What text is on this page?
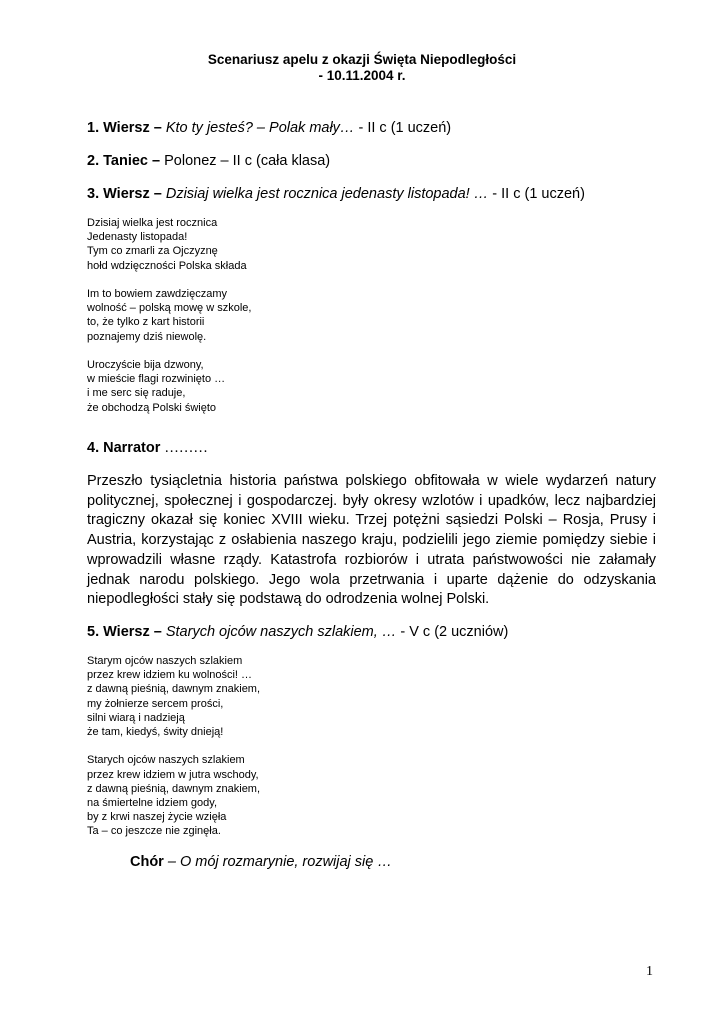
Scenariusz apelu z okazji Święta Niepodległości
- 10.11.2004 r.
1. Wiersz – Kto ty jesteś? – Polak mały… - II c (1 uczeń)
2. Taniec – Polonez – II c (cała klasa)
3. Wiersz – Dzisiaj wielka jest rocznica jedenasty listopada! … - II c (1 uczeń)
Dzisiaj wielka jest rocznica
Jedenasty listopada!
Tym co zmarli za Ojczyznę
hołd wdzięczności Polska składa
Im to bowiem zawdzięczamy
wolność – polską mowę w szkole,
to, że tylko z kart historii
poznajemy dziś niewolę.
Uroczyście bija dzwony,
w mieście flagi rozwinięto …
i me serc się raduje,
że obchodzą Polski święto
4. Narrator ………
Przeszło tysiącletnia historia państwa polskiego obfitowała w wiele wydarzeń natury politycznej, społecznej i gospodarczej. były okresy wzlotów i upadków, lecz najbardziej tragiczny okazał się koniec XVIII wieku. Trzej potężni sąsiedzi Polski – Rosja, Prusy i Austria, korzystając z osłabienia naszego kraju, podzielili jego ziemie pomiędzy siebie i wprowadzili własne rządy. Katastrofa rozbiorów i utrata państwowości nie załamały jednak narodu polskiego. Jego wola przetrwania i uparte dążenie do odzyskania niepodległości stały się podstawą do odrodzenia wolnej Polski.
5. Wiersz – Starych ojców naszych szlakiem, … - V c (2 uczniów)
Starym ojców naszych szlakiem
przez krew idziem ku wolności! …
z dawną pieśnią, dawnym znakiem,
my żołnierze sercem prości,
silni wiarą i nadzieją
że tam, kiedyś, świty dnieją!
Starych ojców naszych szlakiem
przez krew idziem w jutra wschody,
z dawną pieśnią, dawnym znakiem,
na śmiertelne idziem gody,
by z krwi naszej życie wzięła
Ta – co jeszcze nie zginęła.
Chór – O mój rozmarynie, rozwijaj się …
1
